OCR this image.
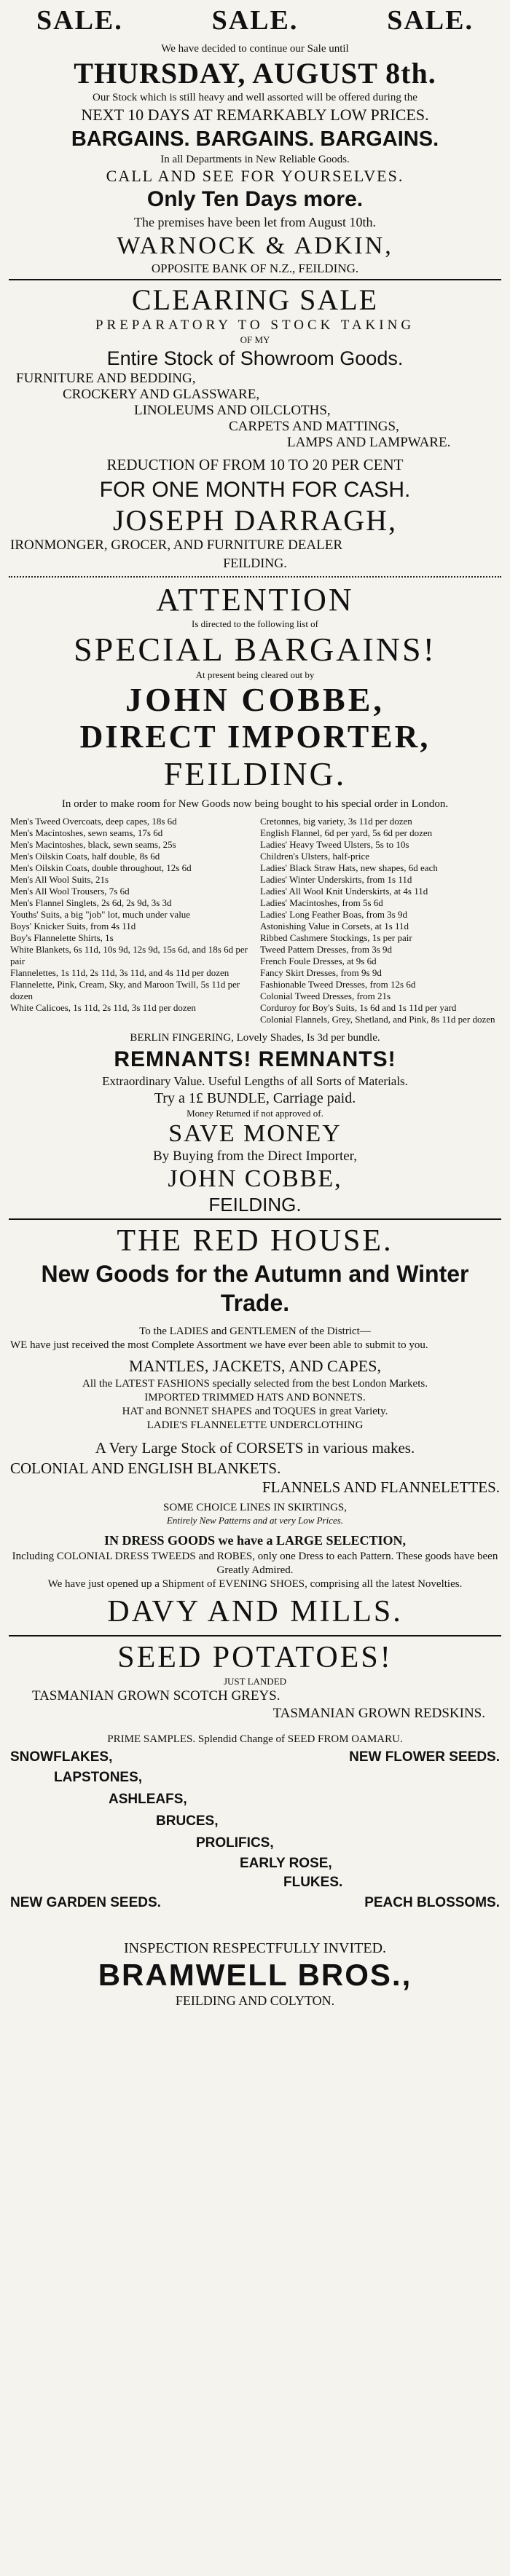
SALE.	SALE.	SALE.

We have decided to continue our Sale until

THURSDAY, AUGUST 8th.

Our Stock which is still heavy and well assorted will be offered during the

NEXT 10 DAYS AT REMARKABLY LOW PRICES.

BARGAINS. BARGAINS. BARGAINS.

In all Departments in New Reliable Goods.

CALL AND SEE FOR YOURSELVES.

Only Ten Days more.

The premises have been let from August 10th.

WARNOCK & ADKIN,

OPPOSITE BANK OF N.Z., FEILDING.

CLEARING SALE

PREPARATORY TO STOCK TAKING

OF MY

Entire Stock of Showroom Goods.

FURNITURE AND BEDDING,

CROCKERY AND GLASSWARE,

LINOLEUMS AND OILCLOTHS,

CARPETS AND MATTINGS,

LAMPS AND LAMPWARE.

REDUCTION OF FROM 10 TO 20 PER CENT

FOR ONE MONTH FOR CASH.

JOSEPH DARRAGH,

IRONMONGER, GROCER, AND FURNITURE DEALER

FEILDING.

ATTENTION

Is directed to the following list of

SPECIAL BARGAINS!

At present being cleared out by

JOHN COBBE,

DIRECT IMPORTER,

FEILDING.

In order to make room for New Goods now being bought to his special order in London.

Men's Tweed Overcoats, deep capes, 18s 6d

Men's Macintoshes, sewn seams, 17s 6d

Men's Macintoshes, black, sewn seams, 25s

Men's Oilskin Coats, half double, 8s 6d

Men's Oilskin Coats, double throughout, 12s 6d

Men's All Wool Suits, 21s

Men's All Wool Trousers, 7s 6d

Men's Flannel Singlets, 2s 6d, 2s 9d, 3s 3d

Youths' Suits, a big "job" lot, much under value

Boys' Knicker Suits, from 4s 11d

Boy's Flannelette Shirts, 1s

White Blankets, 6s 11d, 10s 9d, 12s 9d, 15s 6d, and 18s 6d per pair

Flannelettes, 1s 11d, 2s 11d, 3s 11d, and 4s 11d per dozen

Flannelette, Pink, Cream, Sky, and Maroon Twill, 5s 11d per dozen

White Calicoes, 1s 11d, 2s 11d, 3s 11d per dozen

Cretonnes, big variety, 3s 11d per dozen

English Flannel, 6d per yard, 5s 6d per dozen

Ladies' Heavy Tweed Ulsters, 5s to 10s

Children's Ulsters, half-price

Ladies' Black Straw Hats, new shapes, 6d each

Ladies' Winter Underskirts, from 1s 11d

Ladies' All Wool Knit Underskirts, at 4s 11d

Ladies' Macintoshes, from 5s 6d

Ladies' Long Feather Boas, from 3s 9d

Astonishing Value in Corsets, at 1s 11d

Ribbed Cashmere Stockings, 1s per pair

Tweed Pattern Dresses, from 3s 9d

French Foule Dresses, at 9s 6d

Fancy Skirt Dresses, from 9s 9d

Fashionable Tweed Dresses, from 12s 6d

Colonial Tweed Dresses, from 21s

Corduroy for Boy's Suits, 1s 6d and 1s 11d per yard

Colonial Flannels, Grey, Shetland, and Pink, 8s 11d per dozen

BERLIN FINGERING, Lovely Shades, Is 3d per bundle.

REMNANTS! REMNANTS!

Extraordinary Value. Useful Lengths of all Sorts of Materials.

Try a 1£ BUNDLE, Carriage paid.

Money Returned if not approved of.

SAVE MONEY

By Buying from the Direct Importer,

JOHN COBBE,

FEILDING.

THE RED HOUSE.

New Goods for the Autumn and Winter Trade.

To the LADIES and GENTLEMEN of the District—

WE have just received the most Complete Assortment we have ever been able to submit to you.

MANTLES, JACKETS, AND CAPES,

All the LATEST FASHIONS specially selected from the best London Markets.

IMPORTED TRIMMED HATS AND BONNETS.

HAT and BONNET SHAPES and TOQUES in great Variety.

LADIE'S FLANNELETTE UNDERCLOTHING

A Very Large Stock of CORSETS in various makes.

COLONIAL AND ENGLISH BLANKETS.

FLANNELS AND FLANNELETTES.

SOME CHOICE LINES IN SKIRTINGS,

Entirely New Patterns and at very Low Prices.

IN DRESS GOODS we have a LARGE SELECTION,

Including COLONIAL DRESS TWEEDS and ROBES, only one Dress to each Pattern. These goods have been Greatly Admired.

We have just opened up a Shipment of EVENING SHOES, comprising all the latest Novelties.

DAVY AND MILLS.

SEED POTATOES!

JUST LANDED

TASMANIAN GROWN SCOTCH GREYS.

TASMANIAN GROWN REDSKINS.

PRIME SAMPLES. Splendid Change of SEED FROM OAMARU.

SNOWFLAKES,	NEW FLOWER SEEDS.

LAPSTONES,

ASHLEAFS,

BRUCES,

PROLIFICS,

EARLY ROSE,

FLUKES.

NEW GARDEN SEEDS.	PEACH BLOSSOMS.

INSPECTION RESPECTFULLY INVITED.

BRAMWELL BROS.,

FEILDING AND COLYTON.
